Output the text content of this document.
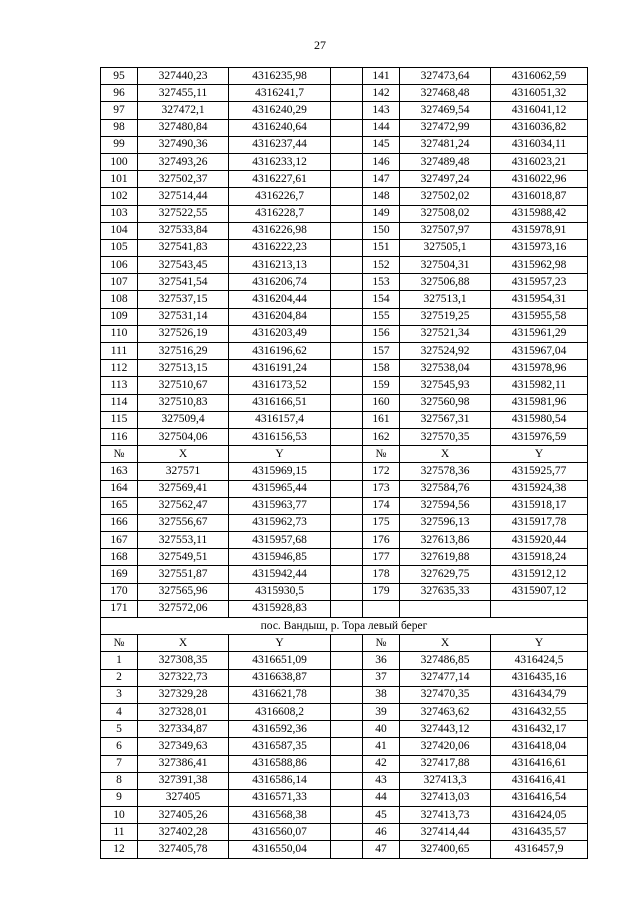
27
95	327440,23	4316235,98		141	327473,64	4316062,59
96	327455,11	4316241,7		142	327468,48	4316051,32
97	327472,1	4316240,29		143	327469,54	4316041,12
98	327480,84	4316240,64		144	327472,99	4316036,82
99	327490,36	4316237,44		145	327481,24	4316034,11
100	327493,26	4316233,12		146	327489,48	4316023,21
101	327502,37	4316227,61		147	327497,24	4316022,96
102	327514,44	4316226,7		148	327502,02	4316018,87
103	327522,55	4316228,7		149	327508,02	4315988,42
104	327533,84	4316226,98		150	327507,97	4315978,91
105	327541,83	4316222,23		151	327505,1	4315973,16
106	327543,45	4316213,13		152	327504,31	4315962,98
107	327541,54	4316206,74		153	327506,88	4315957,23
108	327537,15	4316204,44		154	327513,1	4315954,31
109	327531,14	4316204,84		155	327519,25	4315955,58
110	327526,19	4316203,49		156	327521,34	4315961,29
111	327516,29	4316196,62		157	327524,92	4315967,04
112	327513,15	4316191,24		158	327538,04	4315978,96
113	327510,67	4316173,52		159	327545,93	4315982,11
114	327510,83	4316166,51		160	327560,98	4315981,96
115	327509,4	4316157,4		161	327567,31	4315980,54
116	327504,06	4316156,53		162	327570,35	4315976,59
№	X	Y		№	X	Y
163	327571	4315969,15		172	327578,36	4315925,77
164	327569,41	4315965,44		173	327584,76	4315924,38
165	327562,47	4315963,77		174	327594,56	4315918,17
166	327556,67	4315962,73		175	327596,13	4315917,78
167	327553,11	4315957,68		176	327613,86	4315920,44
168	327549,51	4315946,85		177	327619,88	4315918,24
169	327551,87	4315942,44		178	327629,75	4315912,12
170	327565,96	4315930,5		179	327635,33	4315907,12
171	327572,06	4315928,83				
пос. Вандыш, р. Тора левый берег						
№	X	Y		№	X	Y
1	327308,35	4316651,09		36	327486,85	4316424,5
2	327322,73	4316638,87		37	327477,14	4316435,16
3	327329,28	4316621,78		38	327470,35	4316434,79
4	327328,01	4316608,2		39	327463,62	4316432,55
5	327334,87	4316592,36		40	327443,12	4316432,17
6	327349,63	4316587,35		41	327420,06	4316418,04
7	327386,41	4316588,86		42	327417,88	4316416,61
8	327391,38	4316586,14		43	327413,3	4316416,41
9	327405	4316571,33		44	327413,03	4316416,54
10	327405,26	4316568,38		45	327413,73	4316424,05
11	327402,28	4316560,07		46	327414,44	4316435,57
12	327405,78	4316550,04		47	327400,65	4316457,9
